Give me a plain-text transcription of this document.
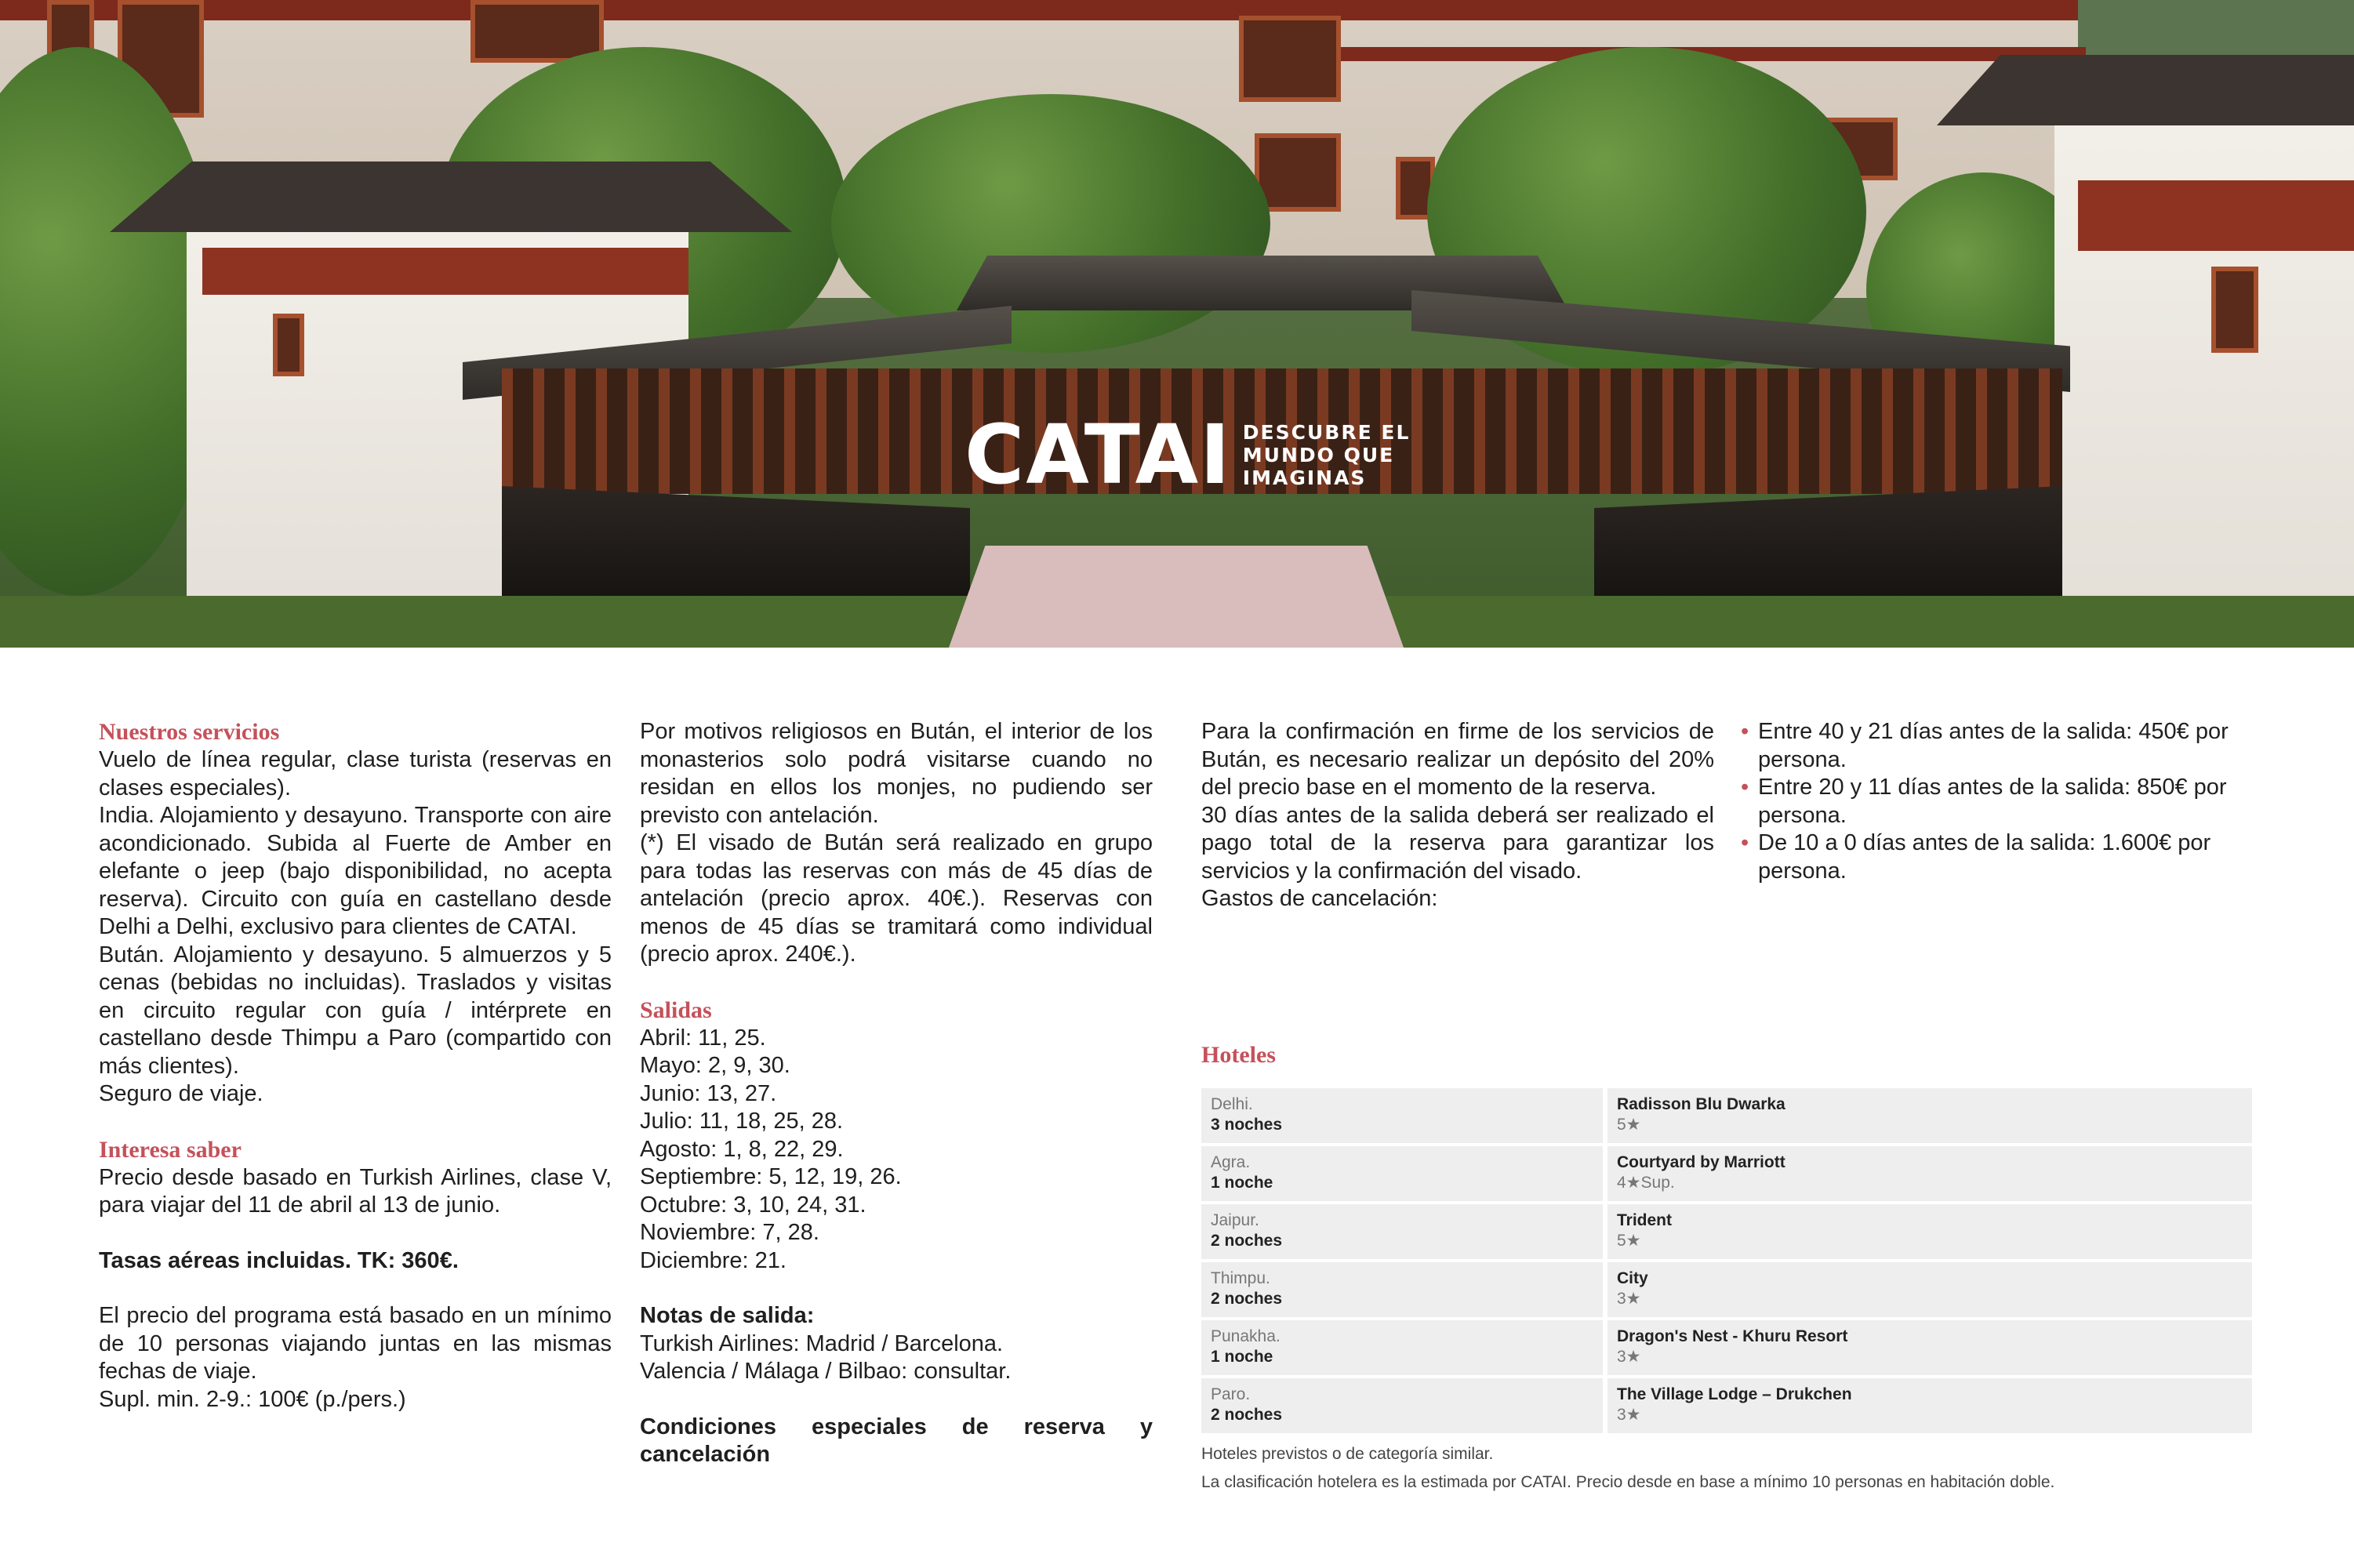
CATAI DESCUBRE EL
MUNDO QUE
IMAGINAS
Nuestros servicios

Vuelo de línea regular, clase turista (reservas en clases especiales).

India. Alojamiento y desayuno. Transporte con aire acondicionado. Subida al Fuerte de Amber en elefante o jeep (bajo disponibilidad, no acepta reserva). Circuito con guía en castellano desde Delhi a Delhi, exclusivo para clientes de CATAI.

Bután. Alojamiento y desayuno. 5 almuerzos y 5 cenas (bebidas no incluidas). Traslados y visitas en circuito regular con guía / intérprete en castellano desde Thimpu a Paro (compartido con más clientes).

Seguro de viaje.

Interesa saber

Precio desde basado en Turkish Airlines, clase V, para viajar del 11 de abril al 13 de junio.

Tasas aéreas incluidas. TK: 360€.

El precio del programa está basado en un mínimo de 10 personas viajando juntas en las mismas fechas de viaje.

Supl. min. 2-9.: 100€ (p./pers.)

Por motivos religiosos en Bután, el interior de los monasterios solo podrá visitarse cuando no residan en ellos los monjes, no pudiendo ser previsto con antelación.

(*) El visado de Bután será realizado en grupo para todas las reservas con más de 45 días de antelación (precio aprox. 40€.). Reservas con menos de 45 días se tramitará como individual (precio aprox. 240€.).

Salidas
Abril: 11, 25.
Mayo: 2, 9, 30.
Junio: 13, 27.
Julio: 11, 18, 25, 28.
Agosto: 1, 8, 22, 29.
Septiembre: 5, 12, 19, 26.
Octubre: 3, 10, 24, 31.
Noviembre: 7, 28.
Diciembre: 21.
Notas de salida:
Turkish Airlines: Madrid / Barcelona.
Valencia / Málaga / Bilbao: consultar.

Condiciones especiales de reserva y cancelación

Para la confirmación en firme de los servicios de Bután, es necesario realizar un depósito del 20% del precio base en el momento de la reserva.

30 días antes de la salida deberá ser realizado el pago total de la reserva para garantizar los servicios y la confirmación del visado.

Gastos de cancelación:

• Entre 40 y 21 días antes de la salida: 450€ por persona.
• Entre 20 y 11 días antes de la salida: 850€ por persona.
• De 10 a 0 días antes de la salida: 1.600€ por persona.
Hoteles
Delhi.
3 noches
Radisson Blu Dwarka
5★
Agra.
1 noche
Courtyard by Marriott
4★Sup.
Jaipur.
2 noches
Trident
5★
Thimpu.
2 noches
City
3★
Punakha.
1 noche
Dragon's Nest - Khuru Resort
3★
Paro.
2 noches
The Village Lodge – Drukchen
3★
Hoteles previstos o de categoría similar.
La clasificación hotelera es la estimada por CATAI. Precio desde en base a mínimo 10 personas en habitación doble.
